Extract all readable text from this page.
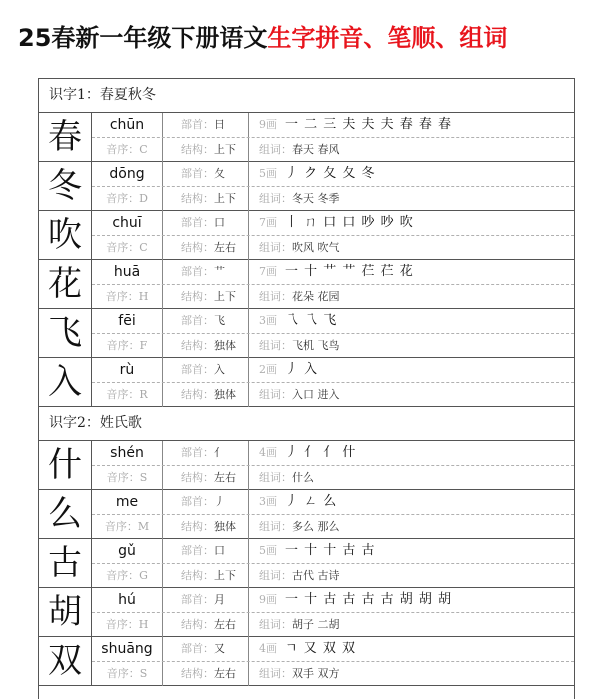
25春新一年级下册语文生字拼音、笔顺、组词
识字1：春夏秋冬
春	chūn	部首：日	9画 一 二 三 夫 夫 夫 春 春 春
音序：C	结构：上下	组词：春天 春风
冬	dōng	部首：夂	5画 丿 ク 夂 夂 冬
音序：D	结构：上下	组词：冬天 冬季
吹	chuī	部首：口	7画 丨 ㄇ 口 口 吵 吵 吹
音序：C	结构：左右	组词：吹风 吹气
花	huā	部首：艹	7画 一 十 艹 艹 芢 芢 花
音序：H	结构：上下	组词：花朵 花园
飞	fēi	部首：飞	3画 乁 乁 飞
音序：F	结构：独体	组词：飞机 飞鸟
入	rù	部首：入	2画 丿 入
音序：R	结构：独体	组词：入口 进入
识字2：姓氏歌
什	shén	部首：亻	4画 丿 亻 亻 什
音序：S	结构：左右	组词：什么
么	me	部首：丿	3画 丿 ㄥ 么
音序：M	结构：独体	组词：多么 那么
古	gǔ	部首：口	5画 一 十 十 古 古
音序：G	结构：上下	组词：古代 古诗
胡	hú	部首：月	9画 一 十 古 古 古 古 胡 胡 胡
音序：H	结构：左右	组词：胡子 二胡
双	shuāng	部首：又	4画 ㄱ 又 双 双
音序：S	结构：左右	组词：双手 双方
